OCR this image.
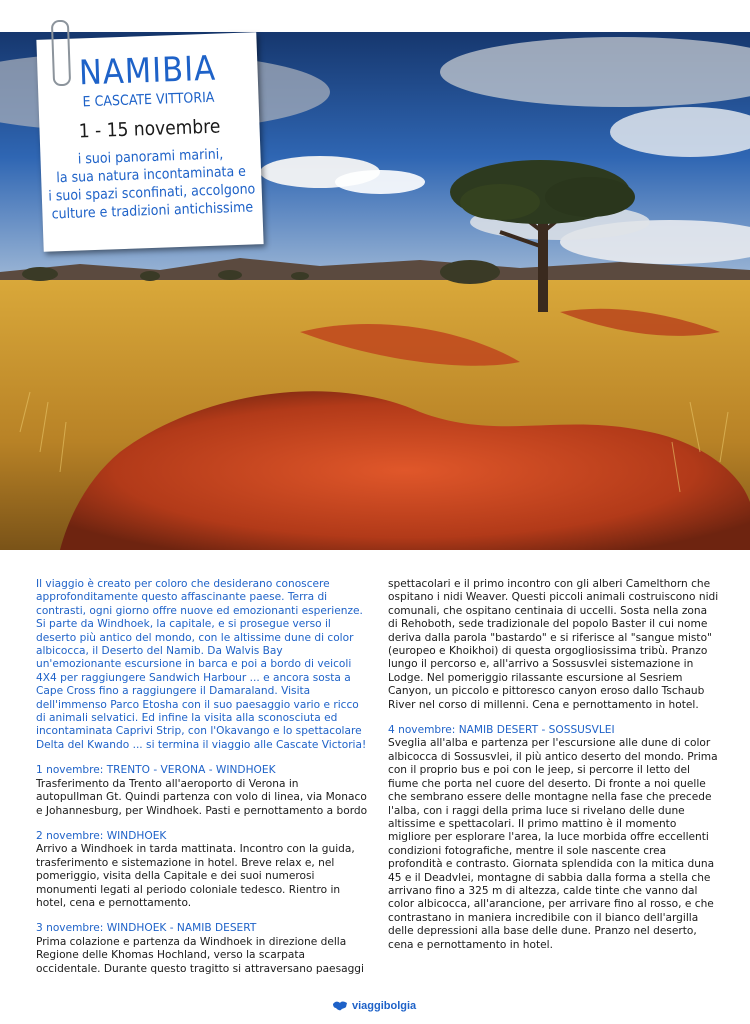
NAMIBIA
E CASCATE VITTORIA
1 - 15 novembre
i suoi panorami marini,
la sua natura incontaminata e
i suoi spazi sconfinati, accolgono
culture e tradizioni antichissime

Il viaggio è creato per coloro che desiderano conoscere approfonditamente questo affascinante paese. Terra di contrasti, ogni giorno offre nuove ed emozionanti esperienze. Si parte da Windhoek, la capitale, e si prosegue verso il deserto più antico del mondo, con le altissime dune di color albicocca, il Deserto del Namib. Da Walvis Bay un'emozionante escursione in barca e poi a bordo di veicoli 4X4 per raggiungere Sandwich Harbour ... e ancora sosta a Cape Cross fino a raggiungere il Damaraland. Visita dell'immenso Parco Etosha con il suo paesaggio vario e ricco di animali selvatici. Ed infine la visita alla sconosciuta ed incontaminata Caprivi Strip, con l'Okavango e lo spettacolare Delta del Kwando ... si termina il viaggio alle Cascate Victoria!

1 novembre: TRENTO - VERONA - WINDHOEK

Trasferimento da Trento all'aeroporto di Verona in autopullman Gt. Quindi partenza con volo di linea, via Monaco e Johannesburg, per Windhoek. Pasti e pernottamento a bordo

2 novembre: WINDHOEK

Arrivo a Windhoek in tarda mattinata. Incontro con la guida, trasferimento e sistemazione in hotel. Breve relax e, nel pomeriggio, visita della Capitale e dei suoi numerosi monumenti legati al periodo coloniale tedesco. Rientro in hotel, cena e pernottamento.

3 novembre: WINDHOEK - NAMIB DESERT

Prima colazione e partenza da Windhoek in direzione della Regione delle Khomas Hochland, verso la scarpata occidentale. Durante questo tragitto si attraversano paesaggi

spettacolari e il primo incontro con gli alberi Camelthorn che ospitano i nidi Weaver. Questi piccoli animali costruiscono nidi comunali, che ospitano centinaia di uccelli. Sosta nella zona di Rehoboth, sede tradizionale del popolo Baster il cui nome deriva dalla parola "bastardo" e si riferisce al "sangue misto" (europeo e Khoikhoi) di questa orgogliosissima tribù. Pranzo lungo il percorso e, all'arrivo a Sossusvlei sistemazione in Lodge. Nel pomeriggio rilassante escursione al Sesriem Canyon, un piccolo e pittoresco canyon eroso dallo Tschaub River nel corso di millenni. Cena e pernottamento in hotel.

4 novembre: NAMIB DESERT - SOSSUSVLEI

Sveglia all'alba e partenza per l'escursione alle dune di color albicocca di Sossusvlei, il più antico deserto del mondo. Prima con il proprio bus e poi con le jeep, si percorre il letto del fiume che porta nel cuore del deserto. Di fronte a noi quelle che sembrano essere delle montagne nella fase che precede l'alba, con i raggi della prima luce si rivelano delle dune altissime e spettacolari. Il primo mattino è il momento migliore per esplorare l'area, la luce morbida offre eccellenti condizioni fotografiche, mentre il sole nascente crea profondità e contrasto. Giornata splendida con la mitica duna 45 e il Deadvlei, montagne di sabbia dalla forma a stella che arrivano fino a 325 m di altezza, calde tinte che vanno dal color albicocca, all'arancione, per arrivare fino al rosso, e che contrastano in maniera incredibile con il bianco dell'argilla delle depressioni alla base delle dune. Pranzo nel deserto, cena e pernottamento in hotel.

viaggibolgia
